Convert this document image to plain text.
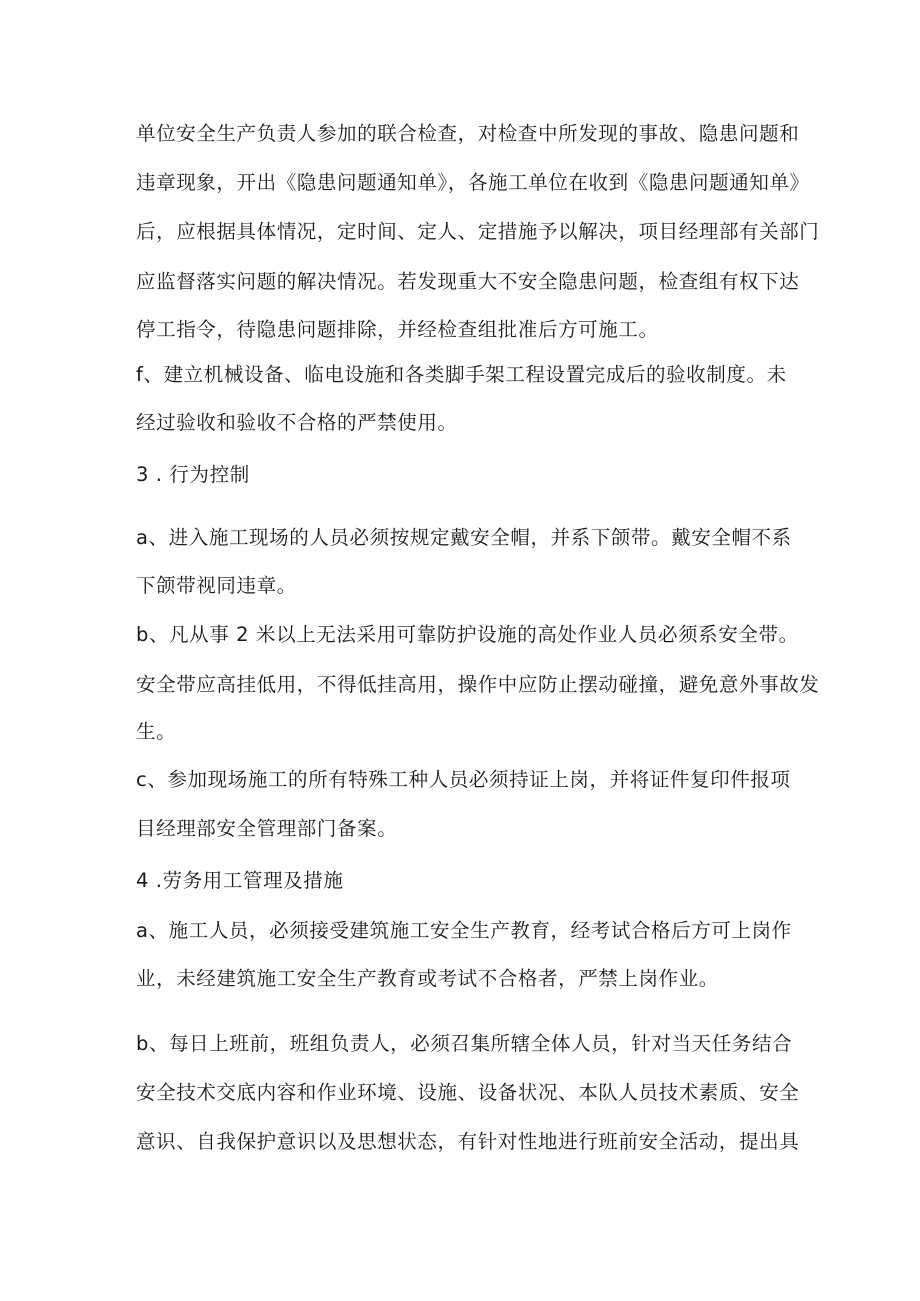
单位安全生产负责人参加的联合检查，对检查中所发现的事故、隐患问题和
违章现象，开出《隐患问题通知单》，各施工单位在收到《隐患问题通知单》
后，应根据具体情况，定时间、定人、定措施予以解决，项目经理部有关部门
应监督落实问题的解决情况。若发现重大不安全隐患问题，检查组有权下达
停工指令，待隐患问题排除，并经检查组批准后方可施工。
f、建立机械设备、临电设施和各类脚手架工程设置完成后的验收制度。未
经过验收和验收不合格的严禁使用。
3 . 行为控制
a、进入施工现场的人员必须按规定戴安全帽，并系下颌带。戴安全帽不系
下颌带视同违章。
b、凡从事 2 米以上无法采用可靠防护设施的高处作业人员必须系安全带。
安全带应高挂低用，不得低挂高用，操作中应防止摆动碰撞，避免意外事故发
生。
c、参加现场施工的所有特殊工种人员必须持证上岗，并将证件复印件报项
目经理部安全管理部门备案。
4 .劳务用工管理及措施
a、施工人员，必须接受建筑施工安全生产教育，经考试合格后方可上岗作
业，未经建筑施工安全生产教育或考试不合格者，严禁上岗作业。
b、每日上班前，班组负责人，必须召集所辖全体人员，针对当天任务结合
安全技术交底内容和作业环境、设施、设备状况、本队人员技术素质、安全
意识、自我保护意识以及思想状态，有针对性地进行班前安全活动，提出具
